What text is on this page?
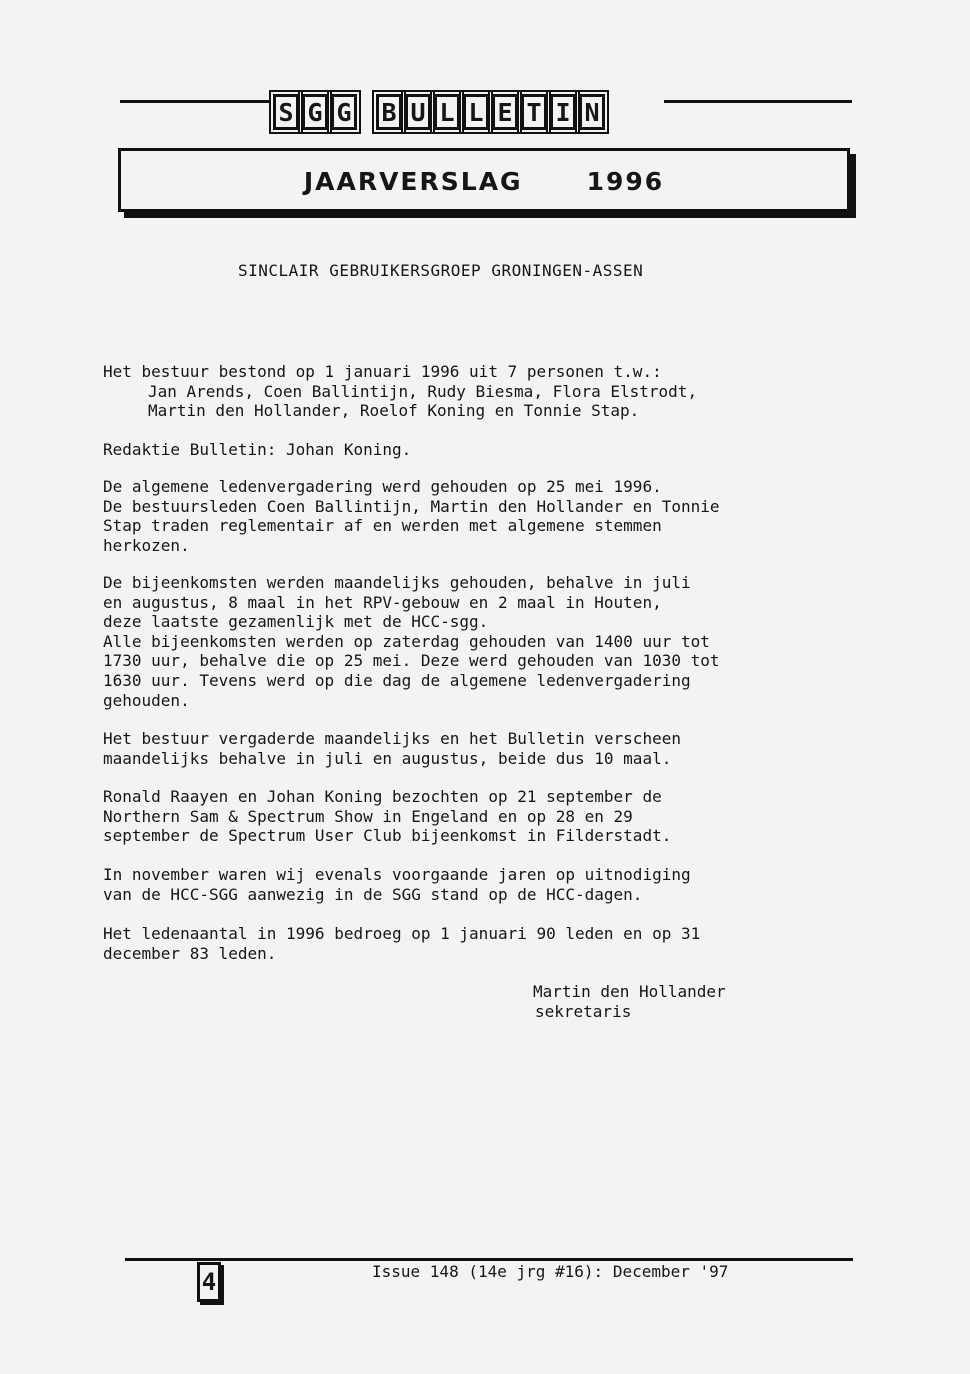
S G G B U L L E T I N
JAARVERSLAG	1996
SINCLAIR GEBRUIKERSGROEP GRONINGEN-ASSEN
Het bestuur bestond op 1 januari 1996 uit 7 personen t.w.:
Jan Arends, Coen Ballintijn, Rudy Biesma, Flora Elstrodt,
Martin den Hollander, Roelof Koning en Tonnie Stap.
Redaktie Bulletin: Johan Koning.
De algemene ledenvergadering werd gehouden op 25 mei 1996.
De bestuursleden Coen Ballintijn, Martin den Hollander en Tonnie
Stap traden reglementair af en werden met algemene stemmen
herkozen.
De bijeenkomsten werden maandelijks gehouden, behalve in juli
en augustus, 8 maal in het RPV-gebouw en 2 maal in Houten,
deze laatste gezamenlijk met de HCC-sgg.
Alle bijeenkomsten werden op zaterdag gehouden van 1400 uur tot
1730 uur, behalve die op 25 mei. Deze werd gehouden van 1030 tot
1630 uur. Tevens werd op die dag de algemene ledenvergadering
gehouden.
Het bestuur vergaderde maandelijks en het Bulletin verscheen
maandelijks behalve in juli en augustus, beide dus 10 maal.
Ronald Raayen en Johan Koning bezochten op 21 september de
Northern Sam & Spectrum Show in Engeland en op 28 en 29
september de Spectrum User Club bijeenkomst in Filderstadt.
In november waren wij evenals voorgaande jaren op uitnodiging
van de HCC-SGG aanwezig in de SGG stand op de HCC-dagen.
Het ledenaantal in 1996 bedroeg op 1 januari 90 leden en op 31
december 83 leden.
Martin den Hollander
sekretaris
4	Issue 148 (14e jrg #16): December '97
